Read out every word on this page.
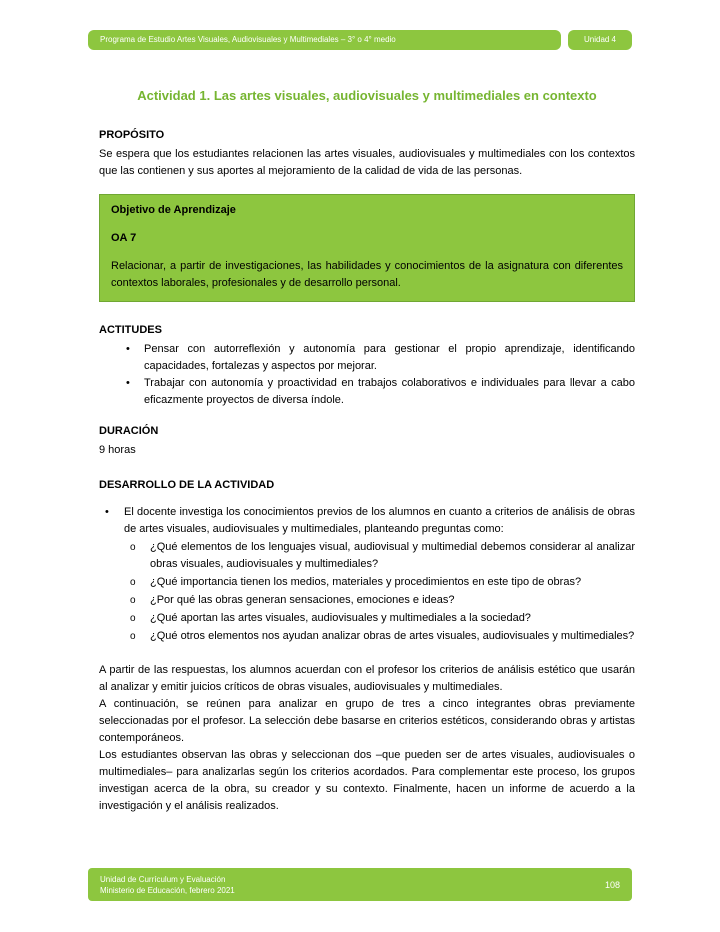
Programa de Estudio Artes Visuales, Audiovisuales y Multimediales – 3° o 4° medio	Unidad 4
Actividad 1. Las artes visuales, audiovisuales y multimediales en contexto
PROPÓSITO

Se espera que los estudiantes relacionen las artes visuales, audiovisuales y multimediales con los contextos que las contienen y sus aportes al mejoramiento de la calidad de vida de las personas.

Objetivo de Aprendizaje

OA 7

Relacionar, a partir de investigaciones, las habilidades y conocimientos de la asignatura con diferentes contextos laborales, profesionales y de desarrollo personal.

ACTITUDES
• Pensar con autorreflexión y autonomía para gestionar el propio aprendizaje, identificando capacidades, fortalezas y aspectos por mejorar.
• Trabajar con autonomía y proactividad en trabajos colaborativos e individuales para llevar a cabo eficazmente proyectos de diversa índole.
DURACIÓN

9 horas

DESARROLLO DE LA ACTIVIDAD
• El docente investiga los conocimientos previos de los alumnos en cuanto a criterios de análisis de obras de artes visuales, audiovisuales y multimediales, planteando preguntas como:
o ¿Qué elementos de los lenguajes visual, audiovisual y multimedial debemos considerar al analizar obras visuales, audiovisuales y multimediales?
o ¿Qué importancia tienen los medios, materiales y procedimientos en este tipo de obras?
o ¿Por qué las obras generan sensaciones, emociones e ideas?
o ¿Qué aportan las artes visuales, audiovisuales y multimediales a la sociedad?
o ¿Qué otros elementos nos ayudan analizar obras de artes visuales, audiovisuales y multimediales?

A partir de las respuestas, los alumnos acuerdan con el profesor los criterios de análisis estético que usarán al analizar y emitir juicios críticos de obras visuales, audiovisuales y multimediales.

A continuación, se reúnen para analizar en grupo de tres a cinco integrantes obras previamente seleccionadas por el profesor. La selección debe basarse en criterios estéticos, considerando obras y artistas contemporáneos.

Los estudiantes observan las obras y seleccionan dos –que pueden ser de artes visuales, audiovisuales o multimediales– para analizarlas según los criterios acordados. Para complementar este proceso, los grupos investigan acerca de la obra, su creador y su contexto. Finalmente, hacen un informe de acuerdo a la investigación y el análisis realizados.

Unidad de Currículum y Evaluación
Ministerio de Educación, febrero 2021
108
